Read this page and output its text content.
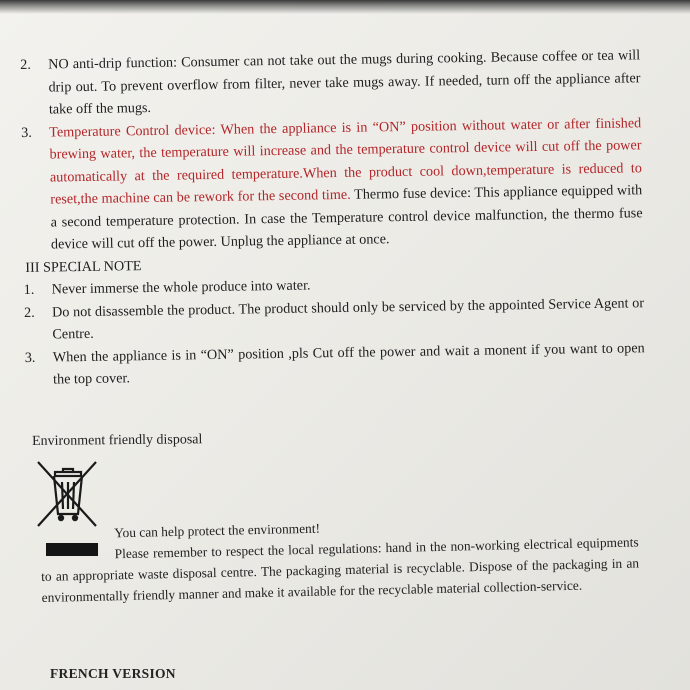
2.	NO anti-drip function: Consumer can not take out the mugs during cooking. Because coffee or tea will drip out. To prevent overflow from filter, never take mugs away. If needed, turn off the appliance after take off the mugs.
3.	Temperature Control device: When the appliance is in “ON” position without water or after finished brewing water, the temperature will increase and the temperature control device will cut off the power automatically at the required temperature.When the product cool down,temperature is reduced to reset,the machine can be rework for the second time. Thermo fuse device: This appliance equipped with a second temperature protection. In case the Temperature control device malfunction, the thermo fuse device will cut off the power. Unplug the appliance at once.
III SPECIAL NOTE
1.	Never immerse the whole produce into water.
2.	Do not disassemble the product. The product should only be serviced by the appointed Service Agent or Centre.
3.	When the appliance is in “ON” position ,pls Cut off the power and wait a monent if you want to open the top cover.
Environment friendly disposal
You can help protect the environment!
Please remember to respect the local regulations: hand in the non-working electrical equipments to an appropriate waste disposal centre. The packaging material is recyclable. Dispose of the packaging in an environmentally friendly manner and make it available for the recyclable material collection-service.
FRENCH VERSION
